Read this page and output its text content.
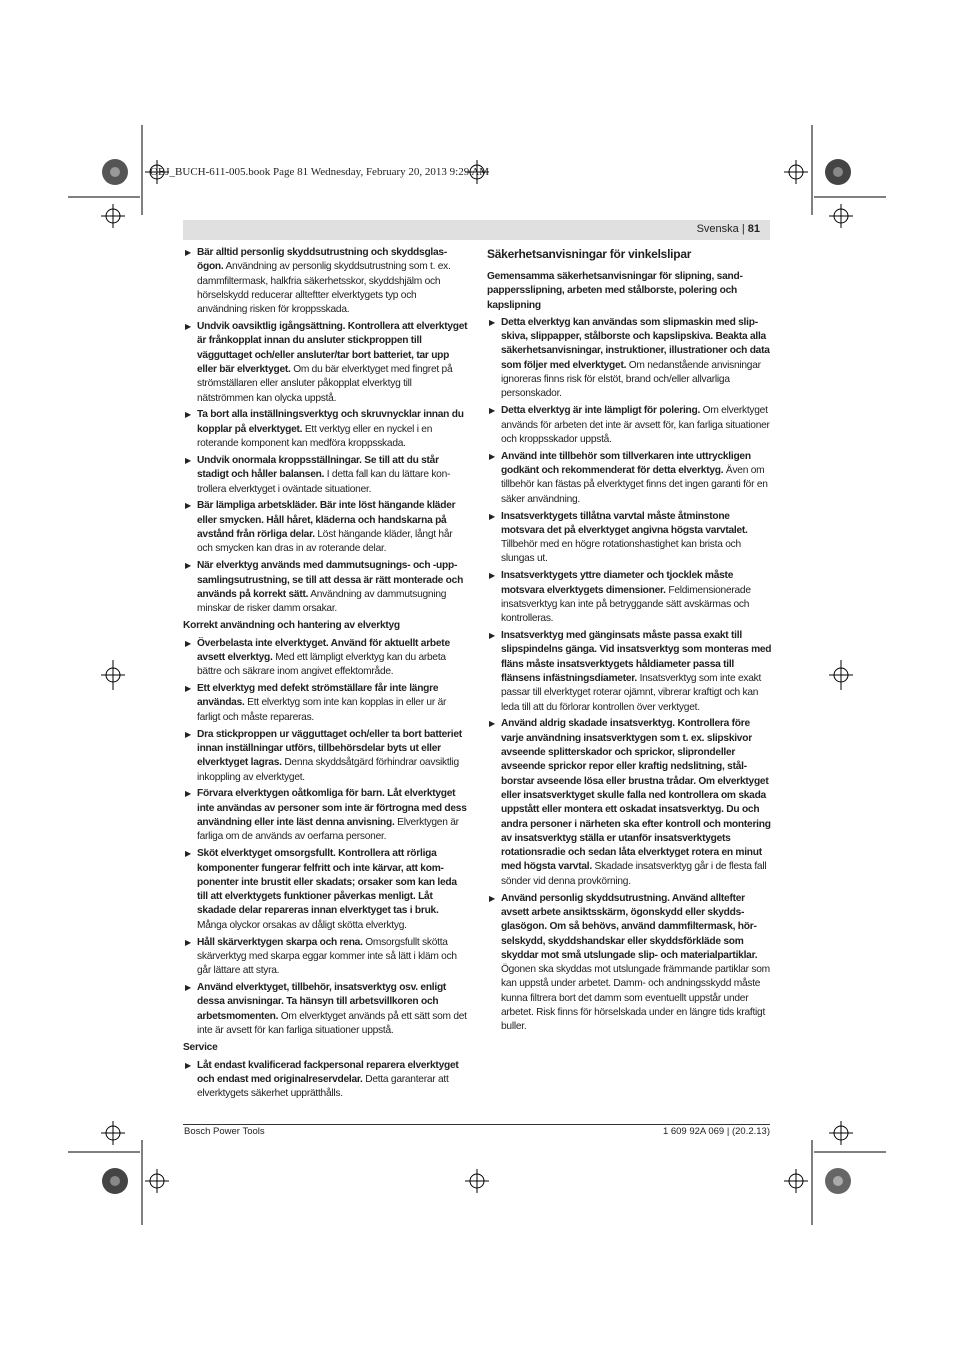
OBJ_BUCH-611-005.book Page 81 Wednesday, February 20, 2013 9:29 AM
Svenska | 81
▶ Bär alltid personlig skyddsutrustning och skyddsglasögon. Användning av personlig skyddsutrustning som t. ex. dammfiltermask, halkfria säkerhetsskor, skyddshjälm och hörselskydd reducerar allteftter elverktygets typ och användning risken för kroppsskada.
▶ Undvik oavsiktlig igångsättning. Kontrollera att elverktyget är frånkopplat innan du ansluter stickproppen till vägguttaget och/eller ansluter/tar bort batteriet, tar upp eller bär elverktyget. Om du bär elverktyget med fingret på strömställaren eller ansluter påkopplat elverktyg till nätströmmen kan olycka uppstå.
▶ Ta bort alla inställningsverktyg och skruvnycklar innan du kopplar på elverktyget. Ett verktyg eller en nyckel i en roterande komponent kan medföra kroppsskada.
▶ Undvik onormala kroppsställningar. Se till att du står stadigt och håller balansen. I detta fall kan du lättare kontrollera elverktyget i oväntade situationer.
▶ Bär lämpliga arbetskläder. Bär inte löst hängande kläder eller smycken. Håll håret, kläderna och handskarna på avstånd från rörliga delar. Löst hängande kläder, långt hår och smycken kan dras in av roterande delar.
▶ När elverktyg används med dammutsugnings- och -uppsamlingsutrustning, se till att dessa är rätt monterade och används på korrekt sätt. Användning av dammutsugning minskar de risker damm orsakar.
Korrekt användning och hantering av elverktyg
▶ Överbelasta inte elverktyget. Använd för aktuellt arbete avsett elverktyg. Med ett lämpligt elverktyg kan du arbeta bättre och säkrare inom angivet effektområde.
▶ Ett elverktyg med defekt strömställare får inte längre användas. Ett elverktyg som inte kan kopplas in eller ur är farligt och måste repareras.
▶ Dra stickproppen ur vägguttaget och/eller ta bort batteriet innan inställningar utförs, tillbehörsdelar byts ut eller elverktyget lagras. Denna skyddsåtgärd förhindrar oavsiktlig inkoppling av elverktyget.
▶ Förvara elverktygen oåtkomliga för barn. Låt elverktyget inte användas av personer som inte är förtrogna med dess användning eller inte läst denna anvisning. Elverktygen är farliga om de används av oerfarna personer.
▶ Sköt elverktyget omsorgsfullt. Kontrollera att rörliga komponenter fungerar felfritt och inte kärvar, att komponenter inte brustit eller skadats; orsaker som kan leda till att elverktygets funktioner påverkas menligt. Låt skadade delar repareras innan elverktyget tas i bruk. Många olyckor orsakas av dåligt skötta elverktyg.
▶ Håll skärverktygen skarpa och rena. Omsorgsfullt skötta skärverktyg med skarpa eggar kommer inte så lätt i kläm och går lättare att styra.
▶ Använd elverktyget, tillbehör, insatsverktyg osv. enligt dessa anvisningar. Ta hänsyn till arbetsvillkoren och arbetsmomenten. Om elverktyget används på ett sätt som det inte är avsett för kan farliga situationer uppstå.
Service
▶ Låt endast kvalificerad fackpersonal reparera elverktyget och endast med originalreservdelar. Detta garanterar att elverktygets säkerhet upprätthålls.
Säkerhetsanvisningar för vinkelslipar
Gemensamma säkerhetsanvisningar för slipning, sandpappersslipning, arbeten med stålborste, polering och kapslipning
▶ Detta elverktyg kan användas som slipmaskin med slipskiva, slippapper, stålborste och kapslipskiva. Beakta alla säkerhetsanvisningar, instruktioner, illustrationer och data som följer med elverktyget. Om nedanstående anvisningar ignoreras finns risk för elstöt, brand och/eller allvarliga personskador.
▶ Detta elverktyg är inte lämpligt för polering. Om elverktyget används för arbeten det inte är avsett för, kan farliga situationer och kroppsskador uppstå.
▶ Använd inte tillbehör som tillverkaren inte uttryckligen godkänt och rekommenderat för detta elverktyg. Även om tillbehör kan fästas på elverktyget finns det ingen garanti för en säker användning.
▶ Insatsverktygets tillåtna varvtal måste åtminstone motsvara det på elverktyget angivna högsta varvtalet. Tillbehör med en högre rotationshastighet kan brista och slungas ut.
▶ Insatsverktygets yttre diameter och tjocklek måste motsvara elverktygets dimensioner. Feldimensionerade insatsverktyg kan inte på betryggande sätt avskärmas och kontrolleras.
▶ Insatsverktyg med gänginsats måste passa exakt till slipspindelns gänga. Vid insatsverktyg som monteras med fläns måste insatsverktygets håldiameter passa till flänsens infästningsdiameter. Insatsverktyg som inte exakt passar till elverktyget roterar ojämnt, vibrerar kraftigt och kan leda till att du förlorar kontrollen över verktyget.
▶ Använd aldrig skadade insatsverktyg. Kontrollera före varje användning insatsverktygen som t. ex. slipskivor avseende splitterskador och sprickor, sliprondeller avseende sprickor repor eller kraftig nedslitning, stålborstar avseende lösa eller brustna trådar. Om elverktyget eller insatsverktyget skulle falla ned kontrollera om skada uppstått eller montera ett oskadat insatsverktyg. Du och andra personer i närheten ska efter kontroll och montering av insatsverktyg ställa er utanför insatsverktygets rotationsradie och sedan låta elverktyget rotera en minut med högsta varvtal. Skadade insatsverktyg går i de flesta fall sönder vid denna provkörning.
▶ Använd personlig skyddsutrustning. Använd alltefter avsett arbete ansiktsskärm, ögonskydd eller skyddsglasögon. Om så behövs, använd dammfiltermask, hörselskydd, skyddshandskar eller skyddsförkläde som skyddar mot små utslungade slip- och materialpartiklar. Ögonen ska skyddas mot utslungade främmande partiklar som kan uppstå under arbetet. Damm- och andningsskydd måste kunna filtrera bort det damm som eventuellt uppstår under arbetet. Risk finns för hörselskada under en längre tids kraftigt buller.
Bosch Power Tools	1 609 92A 069 | (20.2.13)
